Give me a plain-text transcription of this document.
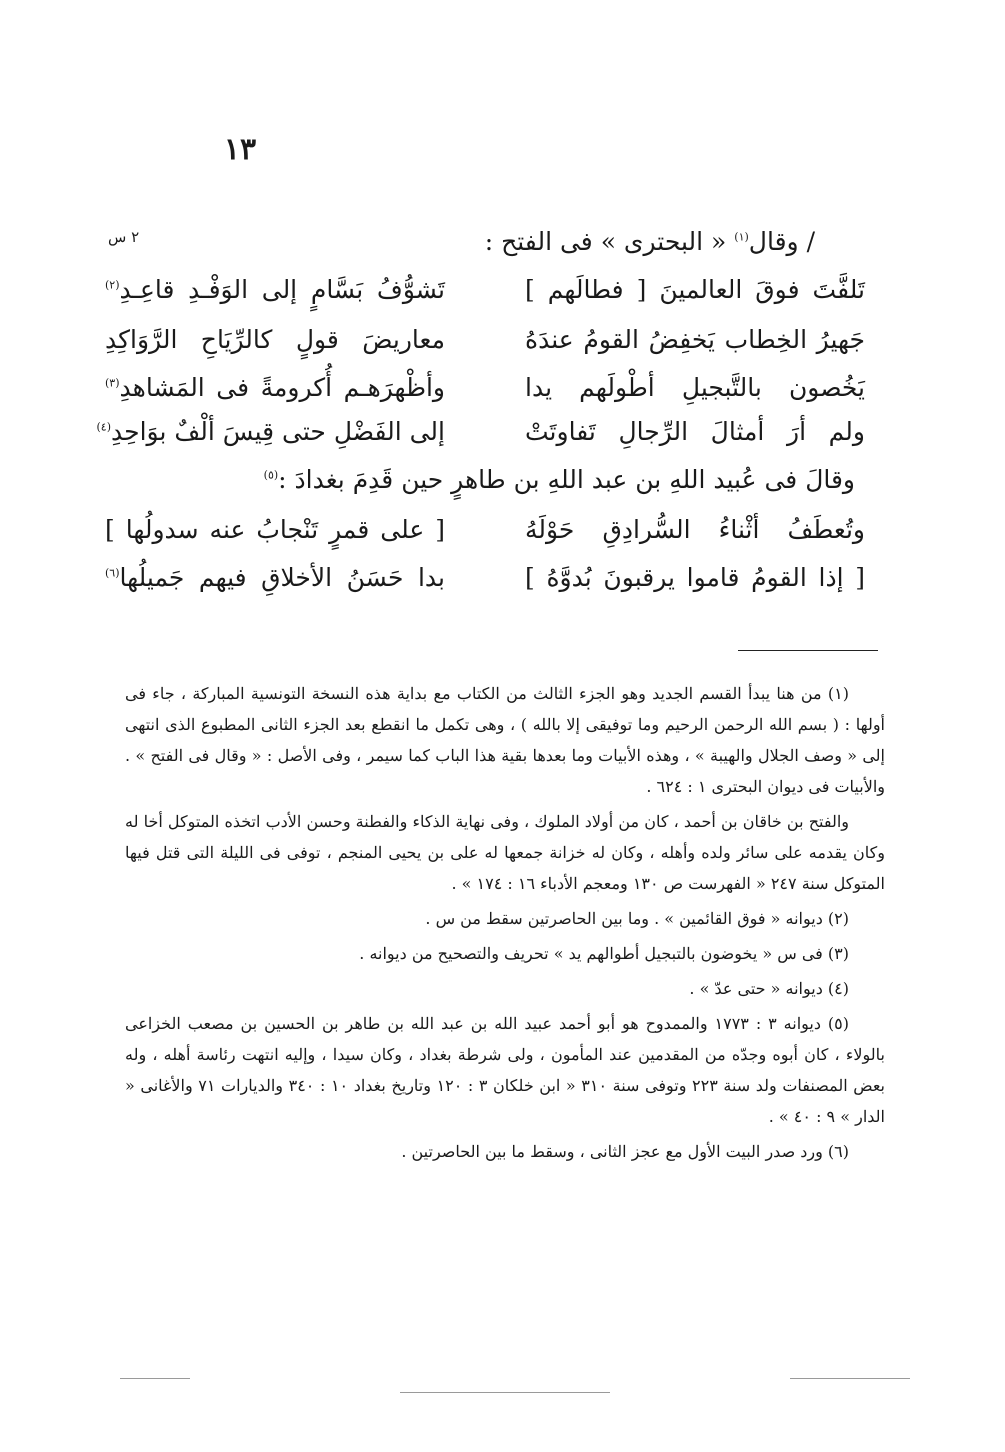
١٣
٢ س	/ وقال$^{(١)}$ « البحترى » فى الفتح :
تَلفَّتَ فوقَ العالمينَ [ فطالَهم ]
تَشوُّفُ بَسَّامٍ إلى الوَفْـدِ قاعِـدِ$^{(٢)}$
جَهيرُ الخِطاب يَخفِضُ القومُ عندَهُ
معاريضَ قولٍ كالرِّيَاحِ الرَّوَاكِدِ
يَخُصون بالتَّبجيلِ أطْولَهم يدا
وأظْهرَهـم أُكرومةً فى المَشاهدِ$^{(٣)}$
ولم أرَ أمثالَ الرِّجالِ تَفاوتَتْ
إلى الفَضْلِ حتى قِيسَ ألْفٌ بوَاحِدِ$^{(٤)}$
وقالَ فى عُبيد اللهِ بن عبد اللهِ بن طاهرٍ حين قَدِمَ بغدادَ :$^{(٥)}$
وتُعطَفُ أثْناءُ السُّرادِقِ حَوْلَهُ
[ على قمرٍ تَنْجابُ عنه سدولُها ]
[ إذا القومُ قاموا يرقبونَ بُدوَّهُ ]
بدا حَسَنُ الأخلاقِ فيهم جَميلُها$^{(٦)}$

(١) من هنا يبدأ القسم الجديد وهو الجزء الثالث من الكتاب مع بداية هذه النسخة التونسية المباركة ، جاء فى أولها : ( بسم الله الرحمن الرحيم وما توفيقى إلا بالله ) ، وهى تكمل ما انقطع بعد الجزء الثانى المطبوع الذى انتهى إلى « وصف الجلال والهيبة » ، وهذه الأبيات وما بعدها بقية هذا الباب كما سيمر ، وفى الأصل : « وقال فى الفتح » . والأبيات فى ديوان البحترى ١ : ٦٢٤ .

والفتح بن خاقان بن أحمد ، كان من أولاد الملوك ، وفى نهاية الذكاء والفطنة وحسن الأدب اتخذه المتوكل أخا له وكان يقدمه على سائر ولده وأهله ، وكان له خزانة جمعها له على بن يحيى المنجم ، توفى فى الليلة التى قتل فيها المتوكل سنة ٢٤٧ « الفهرست ص ١٣٠ ومعجم الأدباء ١٦ : ١٧٤ » .

(٢) ديوانه « فوق القائمين » . وما بين الحاصرتين سقط من س .

(٣) فى س « يخوضون بالتبجيل أطوالهم يد » تحريف والتصحيح من ديوانه .

(٤) ديوانه « حتى عدّ » .

(٥) ديوانه ٣ : ١٧٧٣ والممدوح هو أبو أحمد عبيد الله بن عبد الله بن طاهر بن الحسين بن مصعب الخزاعى بالولاء ، كان أبوه وجدّه من المقدمين عند المأمون ، ولى شرطة بغداد ، وكان سيدا ، وإليه انتهت رئاسة أهله ، وله بعض المصنفات ولد سنة ٢٢٣ وتوفى سنة ٣١٠ « ابن خلكان ٣ : ١٢٠ وتاريخ بغداد ١٠ : ٣٤٠ والديارات ٧١ والأغانى « الدار » ٩ : ٤٠ » .

(٦) ورد صدر البيت الأول مع عجز الثانى ، وسقط ما بين الحاصرتين .
